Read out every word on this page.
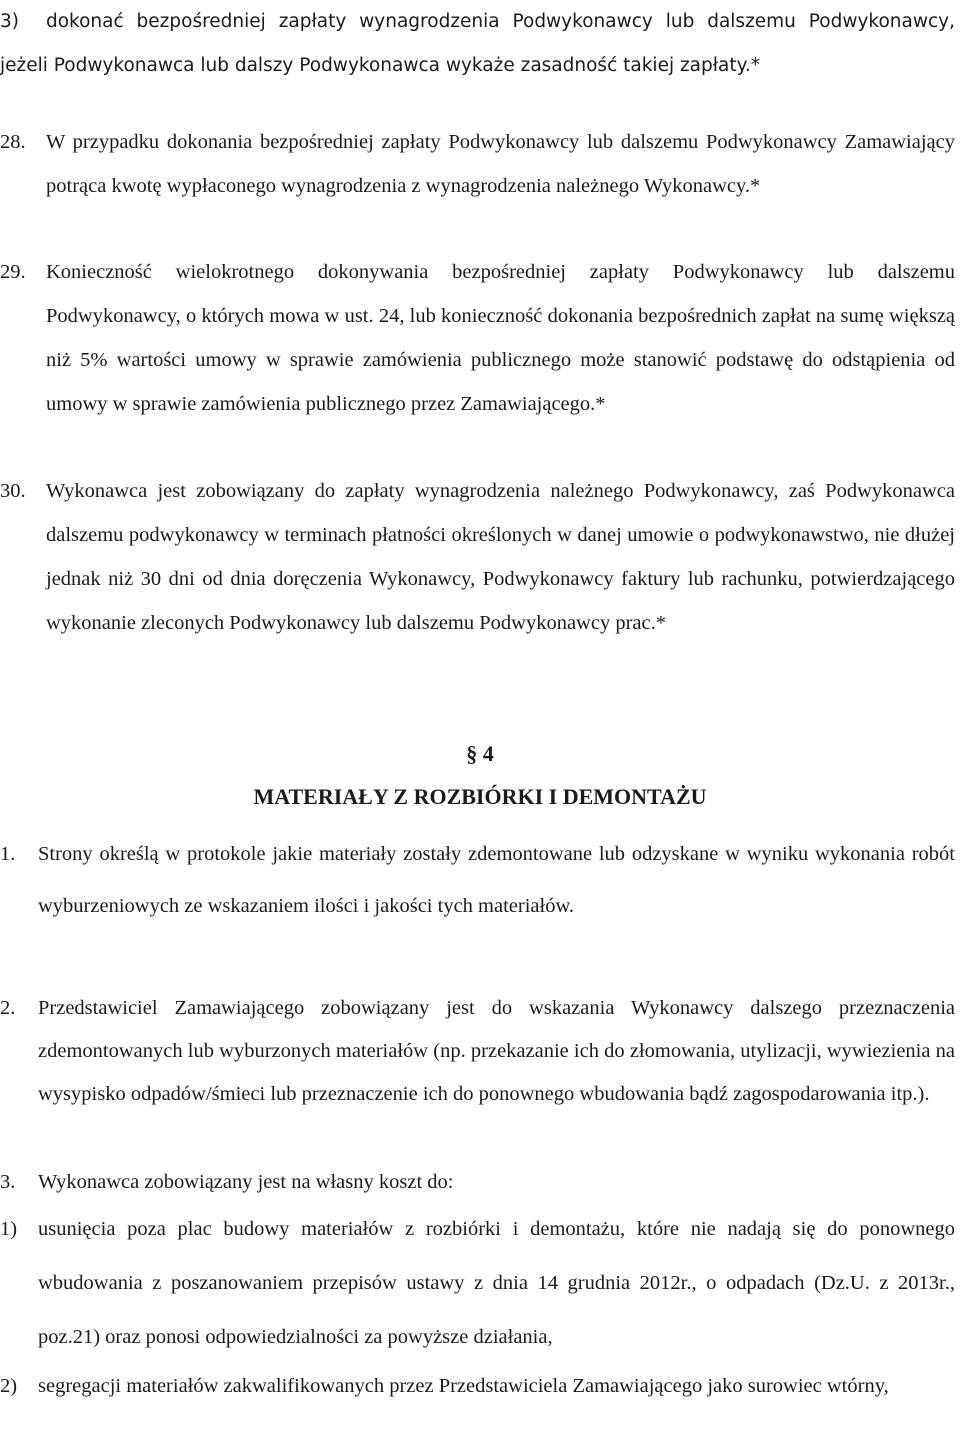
3)	dokonać bezpośredniej zapłaty wynagrodzenia Podwykonawcy lub dalszemu Podwykonawcy, jeżeli Podwykonawca lub dalszy Podwykonawca wykaże zasadność takiej zapłaty.*

28. W przypadku dokonania bezpośredniej zapłaty Podwykonawcy lub dalszemu Podwykonawcy Zamawiający potrąca kwotę wypłaconego wynagrodzenia z wynagrodzenia należnego Wykonawcy.*

29. Konieczność wielokrotnego dokonywania bezpośredniej zapłaty Podwykonawcy lub dalszemu Podwykonawcy, o których mowa w ust. 24, lub konieczność dokonania bezpośrednich zapłat na sumę większą niż 5% wartości umowy w sprawie zamówienia publicznego może stanowić podstawę do odstąpienia od umowy w sprawie zamówienia publicznego przez Zamawiającego.*

30. Wykonawca jest zobowiązany do zapłaty wynagrodzenia należnego Podwykonawcy, zaś Podwykonawca dalszemu podwykonawcy w terminach płatności określonych w danej umowie o podwykonawstwo, nie dłużej jednak niż 30 dni od dnia doręczenia Wykonawcy, Podwykonawcy faktury lub rachunku, potwierdzającego wykonanie zleconych Podwykonawcy lub dalszemu Podwykonawcy prac.*

§ 4

MATERIAŁY Z ROZBIÓRKI I DEMONTAŻU

1. Strony określą w protokole jakie materiały zostały zdemontowane lub odzyskane w wyniku wykonania robót wyburzeniowych ze wskazaniem ilości i jakości tych materiałów.

2. Przedstawiciel Zamawiającego zobowiązany jest do wskazania Wykonawcy dalszego przeznaczenia zdemontowanych lub wyburzonych materiałów (np. przekazanie ich do złomowania, utylizacji, wywiezienia na wysypisko odpadów/śmieci lub przeznaczenie ich do ponownego wbudowania bądź zagospodarowania itp.).

3. Wykonawca zobowiązany jest na własny koszt do:

1) usunięcia poza plac budowy materiałów z rozbiórki i demontażu, które nie nadają się do ponownego wbudowania z poszanowaniem przepisów ustawy z dnia 14 grudnia 2012r., o odpadach (Dz.U. z 2013r., poz.21) oraz ponosi odpowiedzialności za powyższe działania,

2) segregacji materiałów zakwalifikowanych przez Przedstawiciela Zamawiającego jako surowiec wtórny,
